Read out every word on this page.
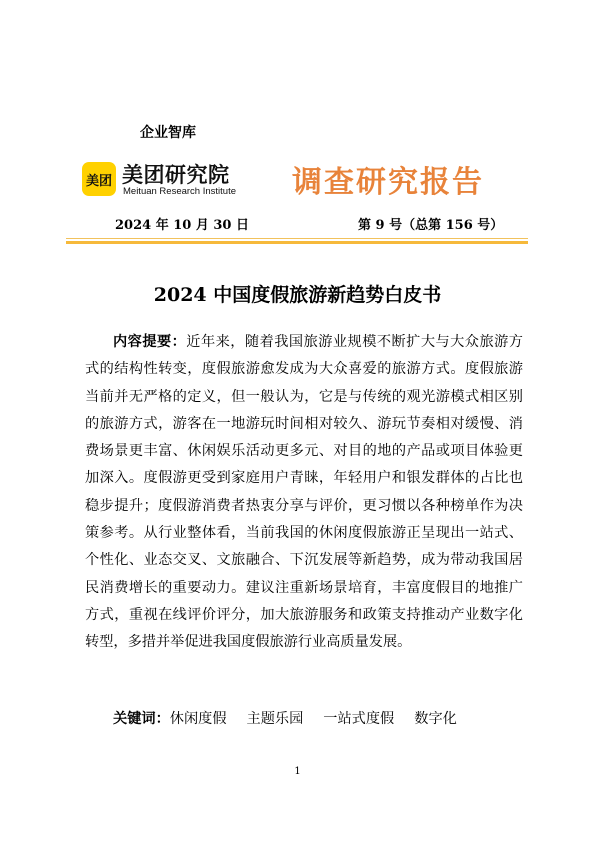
企业智库
美团 美团研究院
Meituan Research Institute 调查研究报告
2024 年 10 月 30 日	第 9 号（总第 156 号）
2024 中国度假旅游新趋势白皮书

内容提要：近年来，随着我国旅游业规模不断扩大与大众旅游方式的结构性转变，度假旅游愈发成为大众喜爱的旅游方式。度假旅游当前并无严格的定义，但一般认为，它是与传统的观光游模式相区别的旅游方式，游客在一地游玩时间相对较久、游玩节奏相对缓慢、消费场景更丰富、休闲娱乐活动更多元、对目的地的产品或项目体验更加深入。度假游更受到家庭用户青睐，年轻用户和银发群体的占比也稳步提升；度假游消费者热衷分享与评价，更习惯以各种榜单作为决策参考。从行业整体看，当前我国的休闲度假旅游正呈现出一站式、个性化、业态交叉、文旅融合、下沉发展等新趋势，成为带动我国居民消费增长的重要动力。建议注重新场景培育，丰富度假目的地推广方式，重视在线评价评分，加大旅游服务和政策支持推动产业数字化转型，多措并举促进我国度假旅游行业高质量发展。

关键词：休闲度假 主题乐园 一站式度假 数字化
1
